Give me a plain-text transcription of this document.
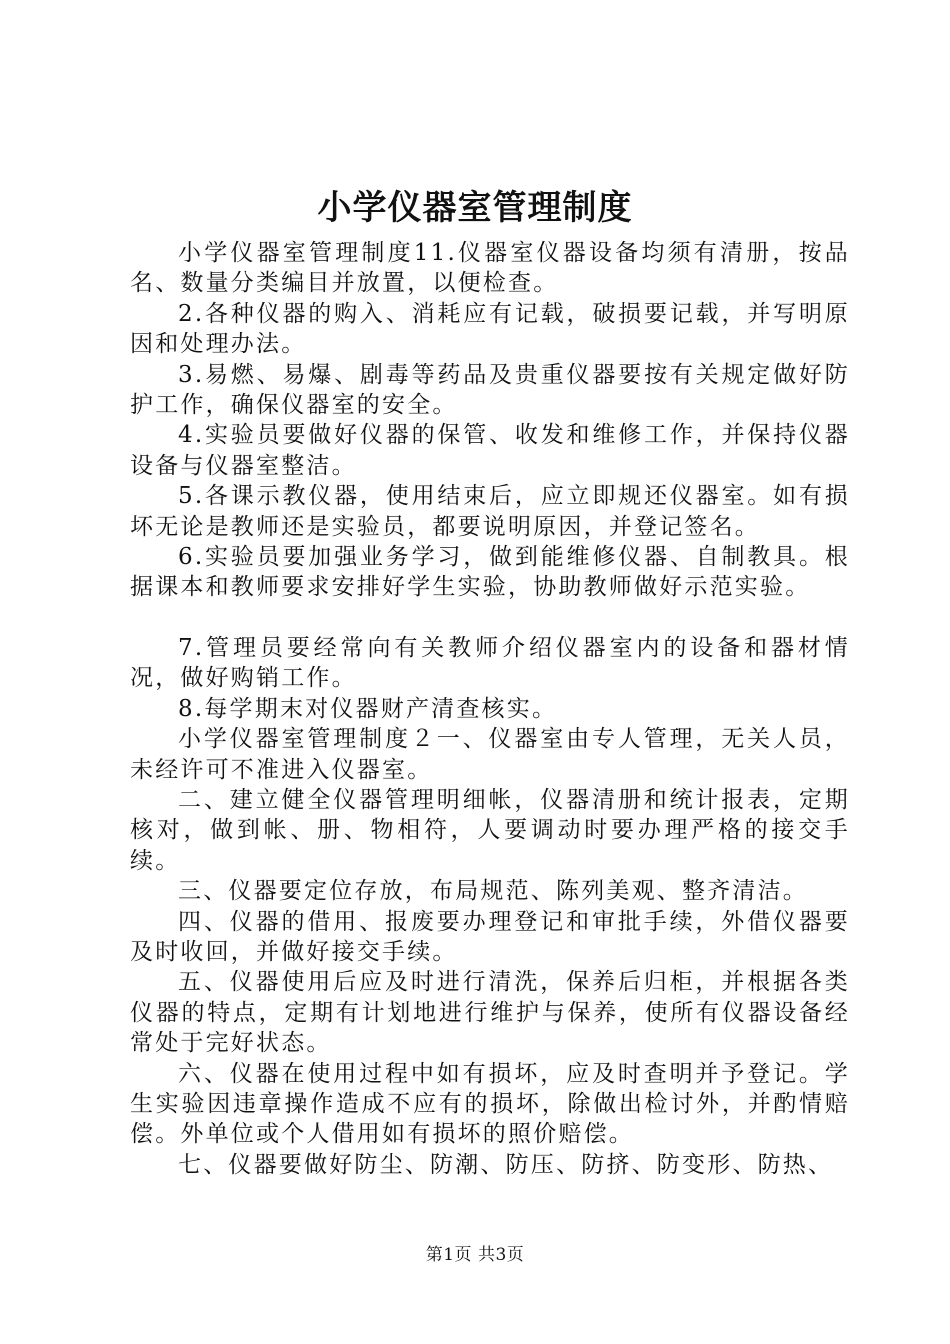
小学仪器室管理制度

小学仪器室管理制度11.仪器室仪器设备均须有清册，按品名、数量分类编目并放置，以便检查。

2.各种仪器的购入、消耗应有记载，破损要记载，并写明原因和处理办法。

3.易燃、易爆、剧毒等药品及贵重仪器要按有关规定做好防护工作，确保仪器室的安全。

4.实验员要做好仪器的保管、收发和维修工作，并保持仪器设备与仪器室整洁。

5.各课示教仪器，使用结束后，应立即规还仪器室。如有损坏无论是教师还是实验员，都要说明原因，并登记签名。

6.实验员要加强业务学习，做到能维修仪器、自制教具。根据课本和教师要求安排好学生实验，协助教师做好示范实验。

7.管理员要经常向有关教师介绍仪器室内的设备和器材情况，做好购销工作。

8.每学期末对仪器财产清查核实。

小学仪器室管理制度２一、仪器室由专人管理，无关人员，未经许可不准进入仪器室。

二、建立健全仪器管理明细帐，仪器清册和统计报表，定期核对，做到帐、册、物相符，人要调动时要办理严格的接交手续。

三、仪器要定位存放，布局规范、陈列美观、整齐清洁。

四、仪器的借用、报废要办理登记和审批手续，外借仪器要及时收回，并做好接交手续。

五、仪器使用后应及时进行清洗，保养后归柜，并根据各类仪器的特点，定期有计划地进行维护与保养，使所有仪器设备经常处于完好状态。

六、仪器在使用过程中如有损坏，应及时查明并予登记。学生实验因违章操作造成不应有的损坏，除做出检讨外，并酌情赔偿。外单位或个人借用如有损坏的照价赔偿。

七、仪器要做好防尘、防潮、防压、防挤、防变形、防热、

第1页 共3页
